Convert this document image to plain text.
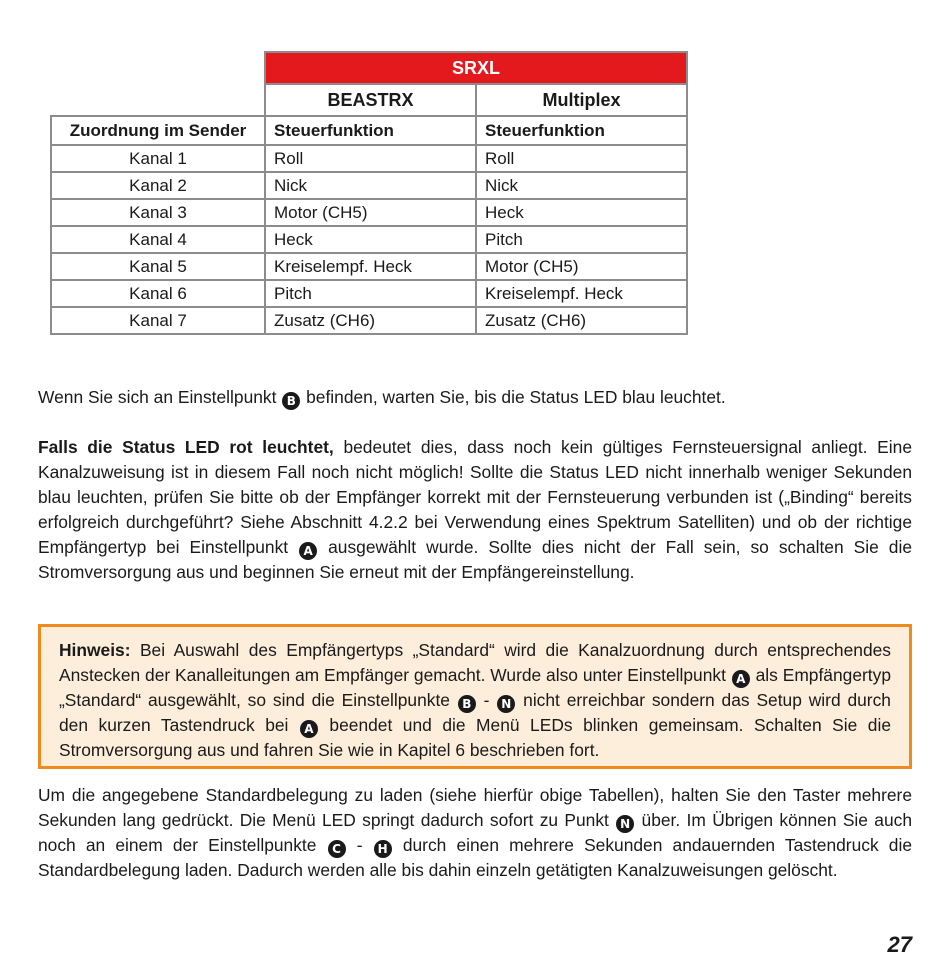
	SRXL	
	BEASTRX	Multiplex
Zuordnung im Sender	Steuerfunktion	Steuerfunktion
Kanal 1	Roll	Roll
Kanal 2	Nick	Nick
Kanal 3	Motor (CH5)	Heck
Kanal 4	Heck	Pitch
Kanal 5	Kreiselempf. Heck	Motor (CH5)
Kanal 6	Pitch	Kreiselempf. Heck
Kanal 7	Zusatz (CH6)	Zusatz (CH6)

Wenn Sie sich an Einstellpunkt B befinden, warten Sie, bis die Status LED blau leuchtet.

Falls die Status LED rot leuchtet, bedeutet dies, dass noch kein gültiges Fernsteuersignal anliegt. Eine Kanalzuweisung ist in diesem Fall noch nicht möglich! Sollte die Status LED nicht innerhalb weniger Sekunden blau leuchten, prüfen Sie bitte ob der Empfänger korrekt mit der Fernsteuerung verbunden ist („Binding“ bereits erfolgreich durchgeführt? Siehe Abschnitt 4.2.2 bei Verwendung eines Spektrum Satelliten) und ob der richtige Empfängertyp bei Einstellpunkt A ausgewählt wurde. Sollte dies nicht der Fall sein, so schalten Sie die Stromversorgung aus und beginnen Sie erneut mit der Empfängereinstellung.

Hinweis: Bei Auswahl des Empfängertyps „Standard“ wird die Kanalzuordnung durch entsprechendes Anstecken der Kanalleitungen am Empfänger gemacht. Wurde also unter Einstellpunkt A als Empfängertyp „Standard“ ausgewählt, so sind die Einstellpunkte B - N nicht erreichbar sondern das Setup wird durch den kurzen Tastendruck bei A beendet und die Menü LEDs blinken gemeinsam. Schalten Sie die Stromversorgung aus und fahren Sie wie in Kapitel 6 beschrieben fort.

Um die angegebene Standardbelegung zu laden (siehe hierfür obige Tabellen), halten Sie den Taster mehrere Sekunden lang gedrückt. Die Menü LED springt dadurch sofort zu Punkt N über. Im Übrigen können Sie auch noch an einem der Einstellpunkte C - H durch einen mehrere Sekunden andauernden Tastendruck die Standardbelegung laden. Dadurch werden alle bis dahin einzeln getätigten Kanalzuweisungen gelöscht.

27
